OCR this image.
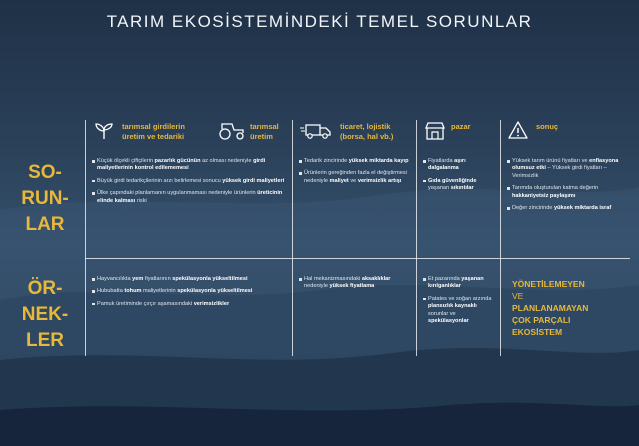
TARIM EKOSİSTEMİNDEKİ TEMEL SORUNLAR
SO-
RUN-
LAR
ÖR-
NEK-
LER
tarımsal girdilerin
üretim ve tedariki
tarımsal
üretim
ticaret, lojistik
(borsa, hal vb.)
pazar	sonuç
Küçük ölçekli çiftçilerin pazarlık gücünün az olması nedeniyle girdi maliyetlerinin kontrol edilememesi
Büyük girdi tedarikçilerinin arzı belirlemesi sonucu yüksek girdi maliyetleri
Ülke çapındaki planlamanın uygulanmaması nedeniyle ürünlerin üreticinin elinde kalması riski
Tedarik zincirinde yüksek miktarda kayıp
Ürünlerin gereğinden fazla el değiştirmesi nedeniyle maliyet ve verimsizlik artışı
Fiyatlarda aşırı dalgalanma
Gıda güvenliğinde yaşanan sıkıntılar
Yüksek tarım ürünü fiyatları ve enflasyona olumsuz etki – Yüksek girdi fiyatları – Verimsizlik
Tarımda oluşturulan katma değerin hakkaniyetsiz paylaşımı
Değer zincirinde yüksek miktarda israf
Hayvancılıkta yem fiyatlarının spekülasyonla yükseltilmesi
Hububatta tohum maliyetlerinin spekülasyonla yükseltilmesi
Pamuk üretiminde çırçır aşamasındaki verimsizlikler
Hal mekanizmasındaki aksaklıklar nedeniyle yüksek fiyatlama
Et pazarında yaşanan kırılganlıklar
Patates ve soğan arzında plansızlık kaynaklı sorunlar ve spekülasyonlar
YÖNETİLEMEYEN
VE
PLANLANAMAYAN
ÇOK PARÇALI
EKOSİSTEM
